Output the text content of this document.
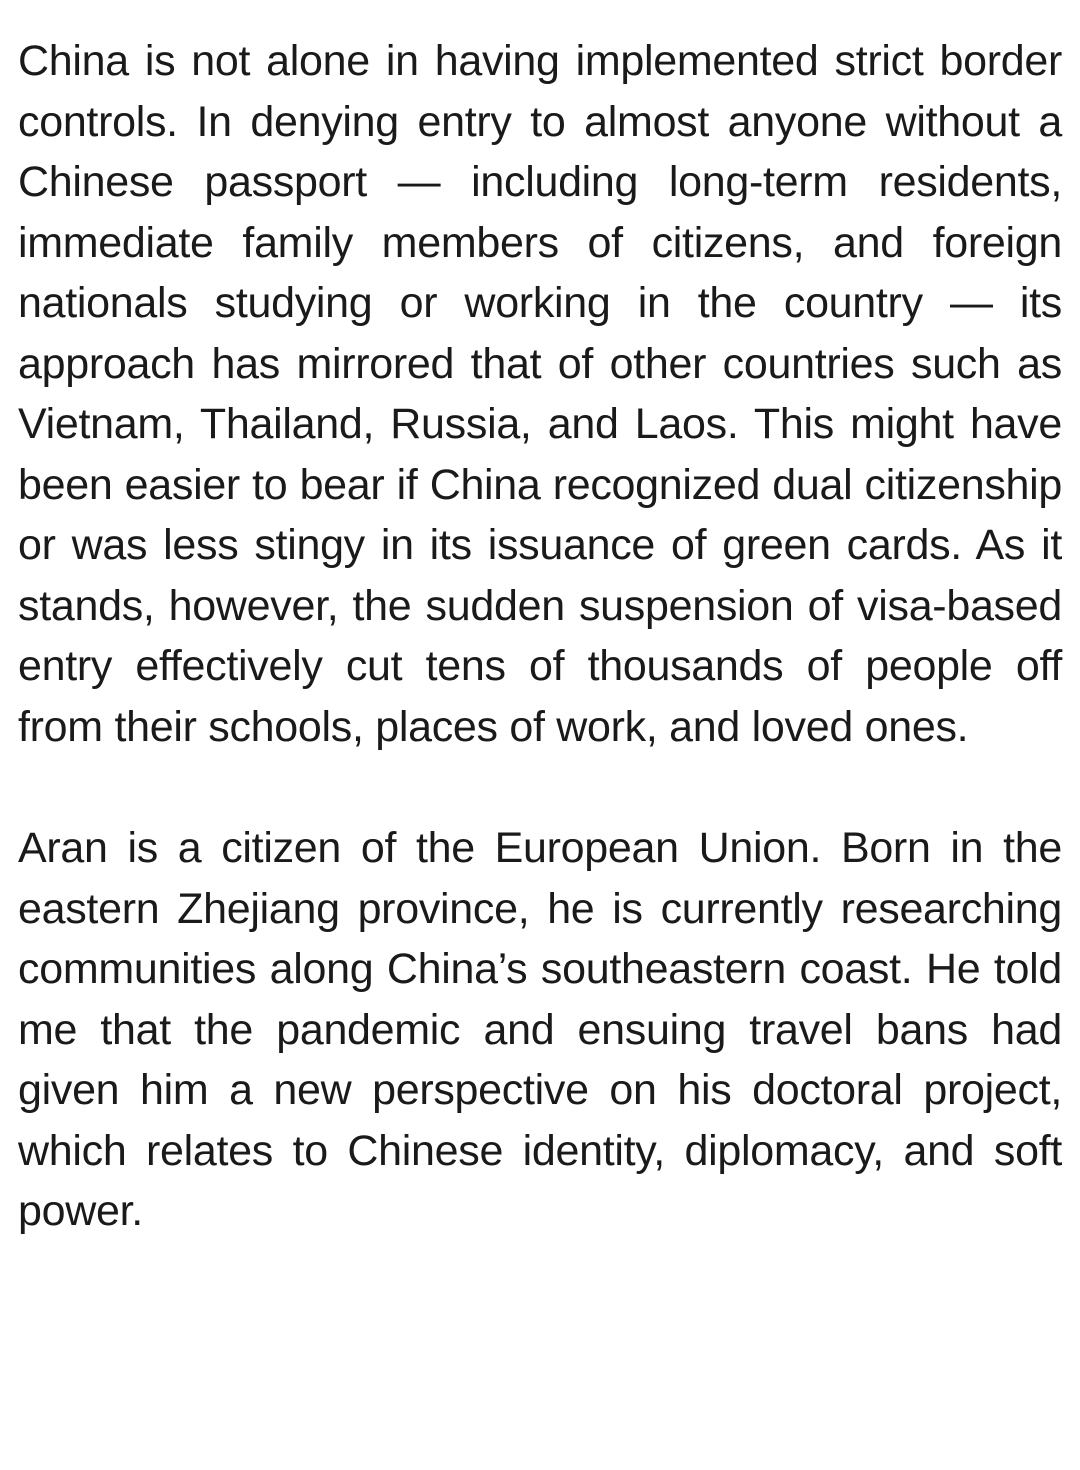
China is not alone in having implemented strict border controls. In denying entry to almost anyone without a Chinese passport — including long-term residents, immediate family members of citizens, and foreign nationals studying or working in the country — its approach has mirrored that of other countries such as Vietnam, Thailand, Russia, and Laos. This might have been easier to bear if China recognized dual citizenship or was less stingy in its issuance of green cards. As it stands, however, the sudden suspension of visa-based entry effectively cut tens of thousands of people off from their schools, places of work, and loved ones.

Aran is a citizen of the European Union. Born in the eastern Zhejiang province, he is currently researching communities along China’s southeastern coast. He told me that the pandemic and ensuing travel bans had given him a new perspective on his doctoral project, which relates to Chinese identity, diplomacy, and soft power.
